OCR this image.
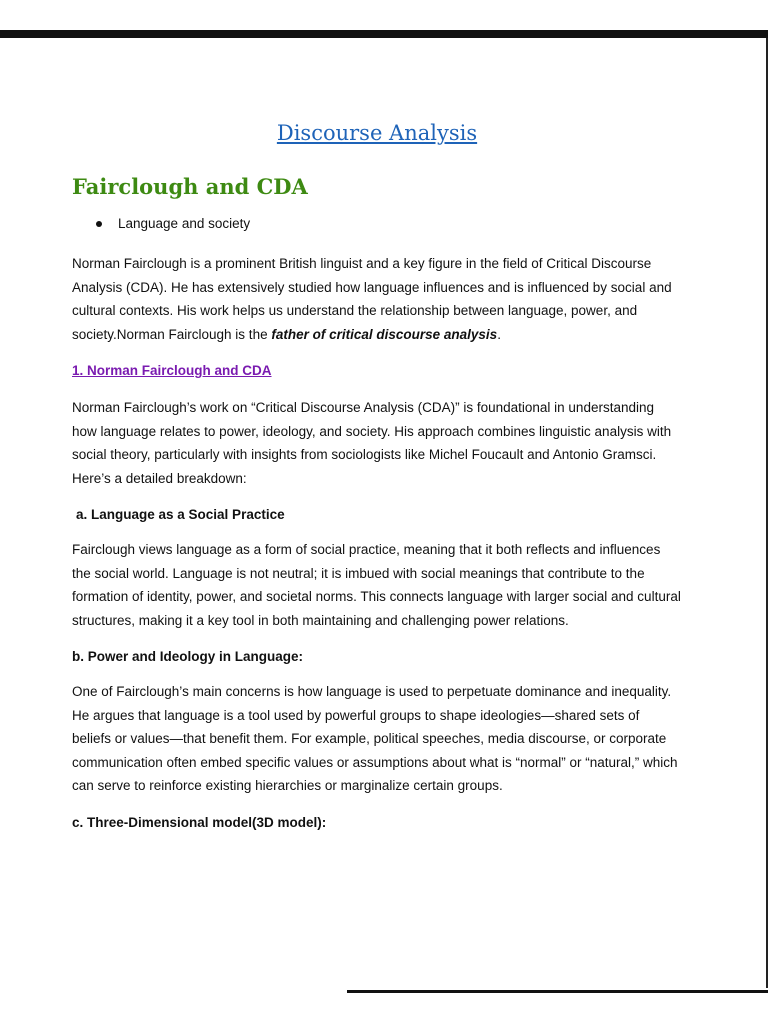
Discourse Analysis
Fairclough and CDA
Language and society

Norman Fairclough is a prominent British linguist and a key figure in the field of Critical Discourse Analysis (CDA). He has extensively studied how language influences and is influenced by social and cultural contexts. His work helps us understand the relationship between language, power, and society.Norman Fairclough is the father of critical discourse analysis.

1. Norman Fairclough and CDA

Norman Fairclough’s work on “Critical Discourse Analysis (CDA)” is foundational in understanding how language relates to power, ideology, and society. His approach combines linguistic analysis with social theory, particularly with insights from sociologists like Michel Foucault and Antonio Gramsci. Here’s a detailed breakdown:

a. Language as a Social Practice

Fairclough views language as a form of social practice, meaning that it both reflects and influences the social world. Language is not neutral; it is imbued with social meanings that contribute to the formation of identity, power, and societal norms. This connects language with larger social and cultural structures, making it a key tool in both maintaining and challenging power relations.

b. Power and Ideology in Language:

One of Fairclough’s main concerns is how language is used to perpetuate dominance and inequality. He argues that language is a tool used by powerful groups to shape ideologies—shared sets of beliefs or values—that benefit them. For example, political speeches, media discourse, or corporate communication often embed specific values or assumptions about what is “normal” or “natural,” which can serve to reinforce existing hierarchies or marginalize certain groups.

c. Three-Dimensional model(3D model):
